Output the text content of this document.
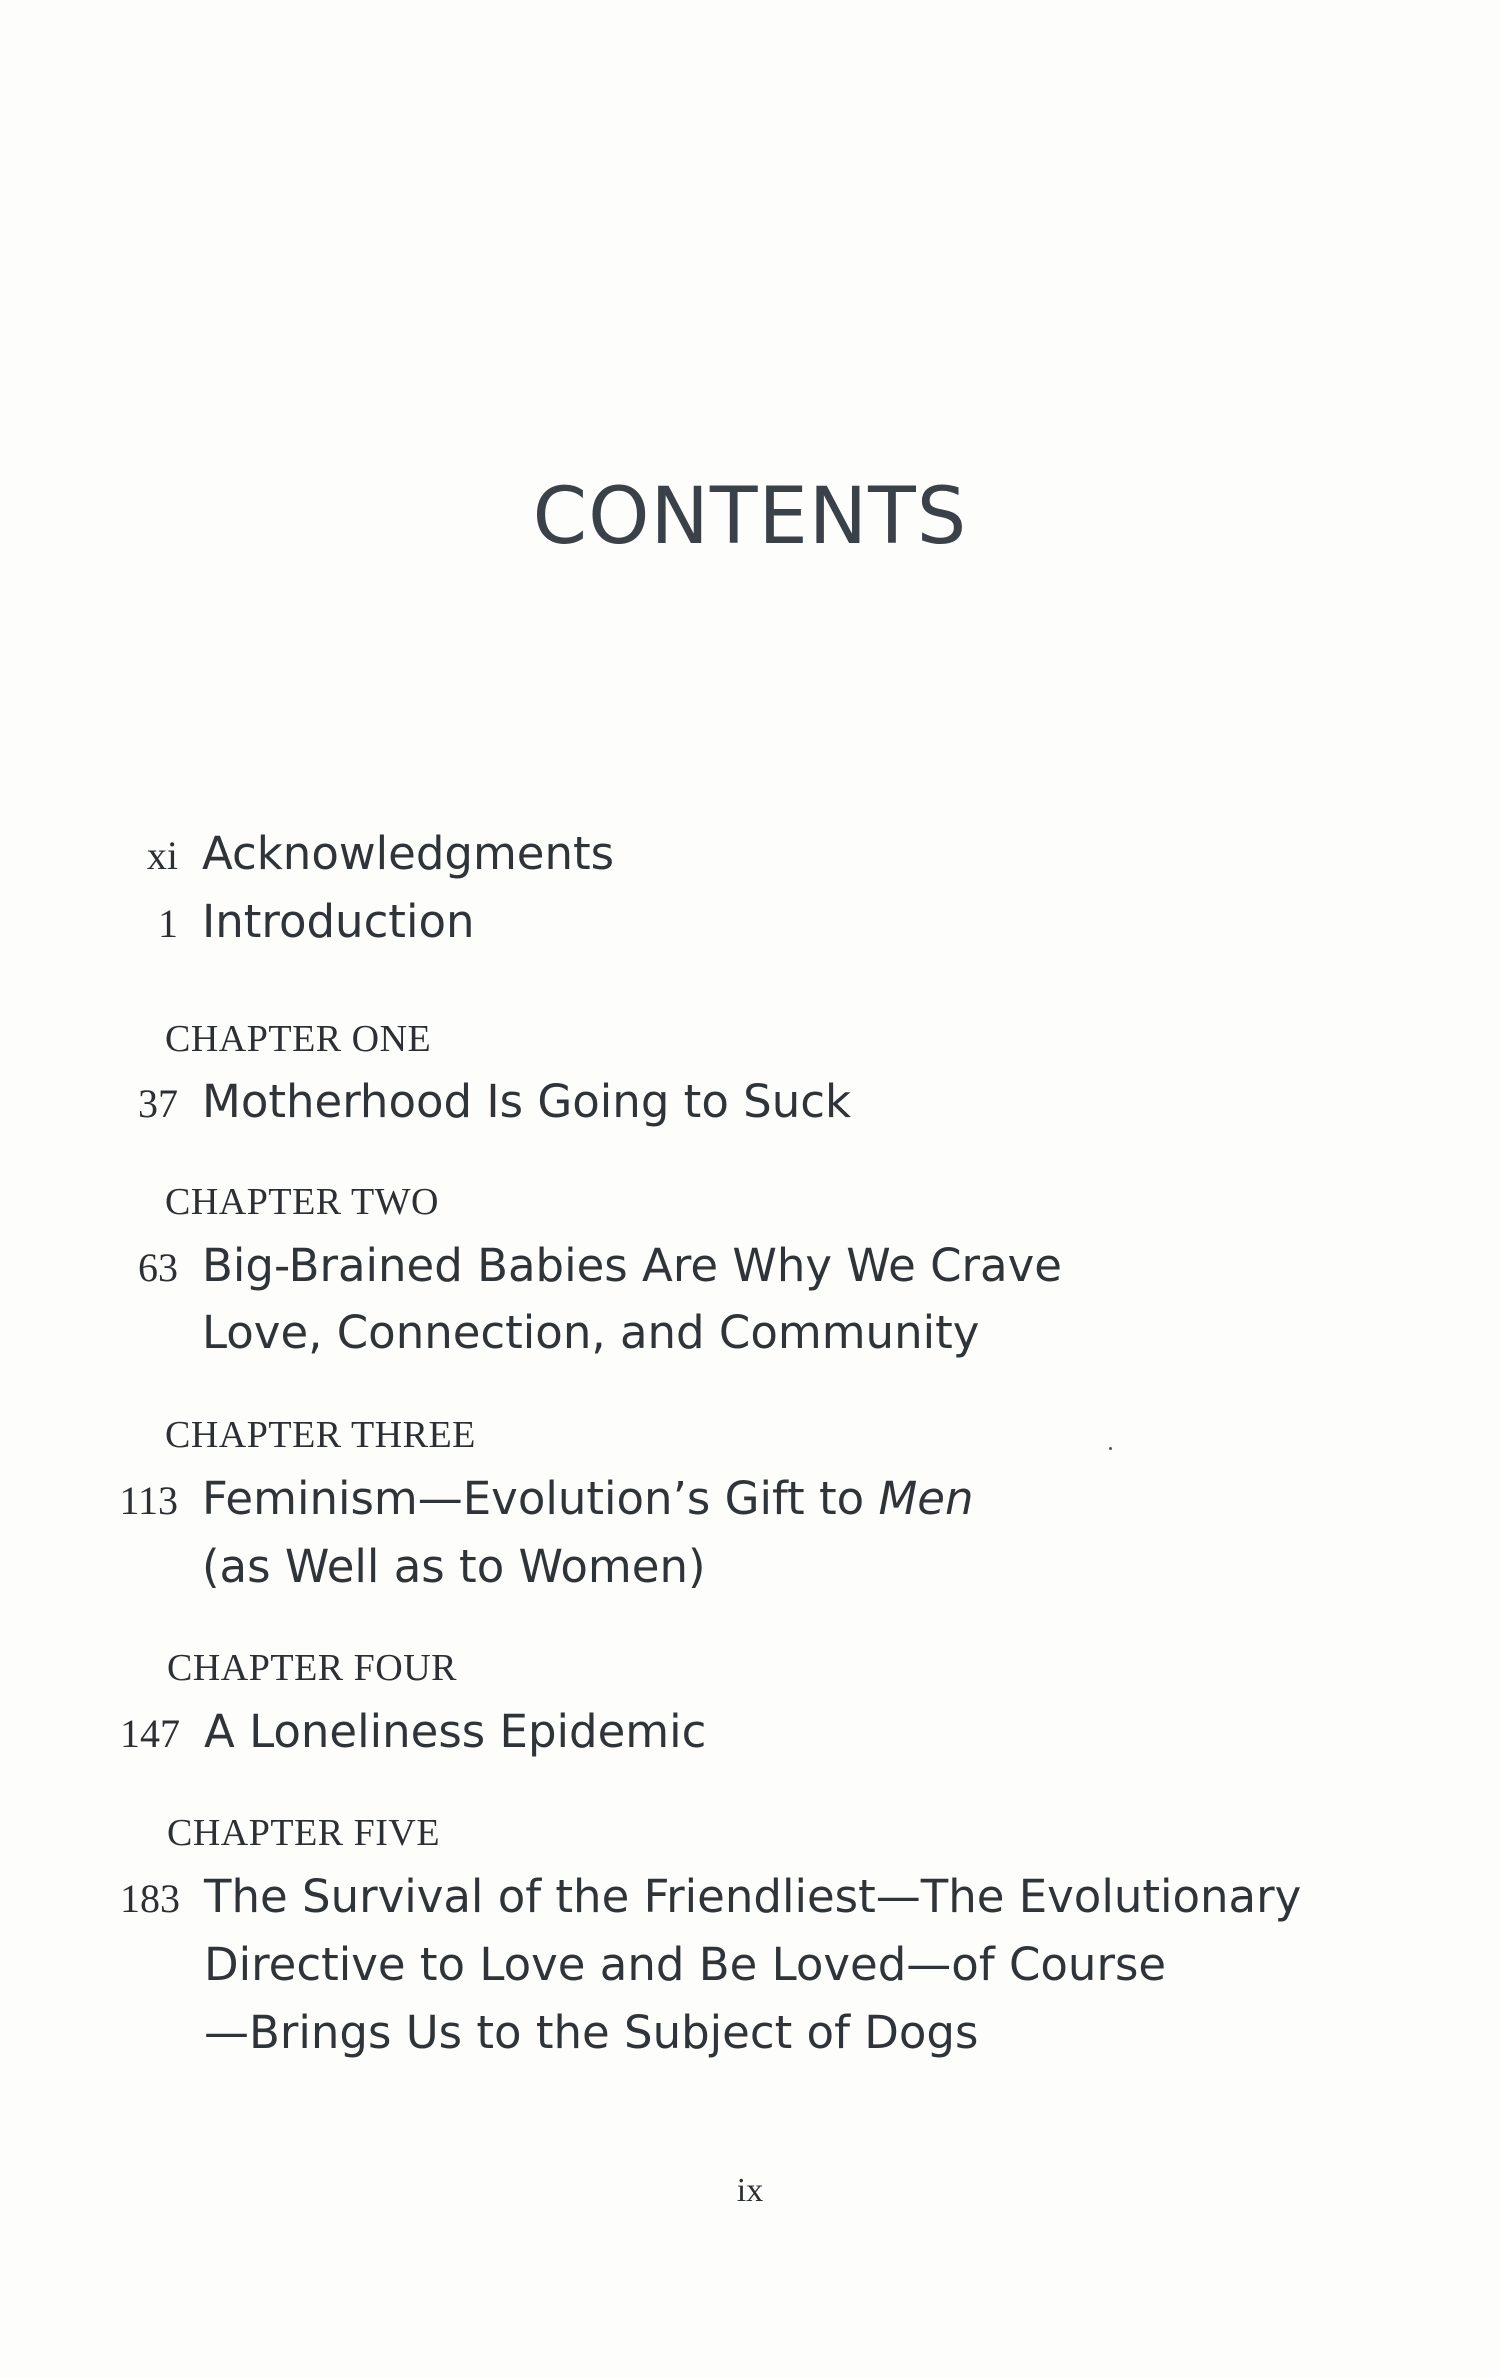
CONTENTS
xi Acknowledgments
1 Introduction
CHAPTER ONE
37 Motherhood Is Going to Suck
CHAPTER TWO
63 Big-Brained Babies Are Why We Crave
Love, Connection, and Community
CHAPTER THREE
113 Feminism—Evolution’s Gift to Men
(as Well as to Women)
CHAPTER FOUR
147 A Loneliness Epidemic
CHAPTER FIVE
183 The Survival of the Friendliest—The Evolutionary
Directive to Love and Be Loved—of Course
—Brings Us to the Subject of Dogs
ix
